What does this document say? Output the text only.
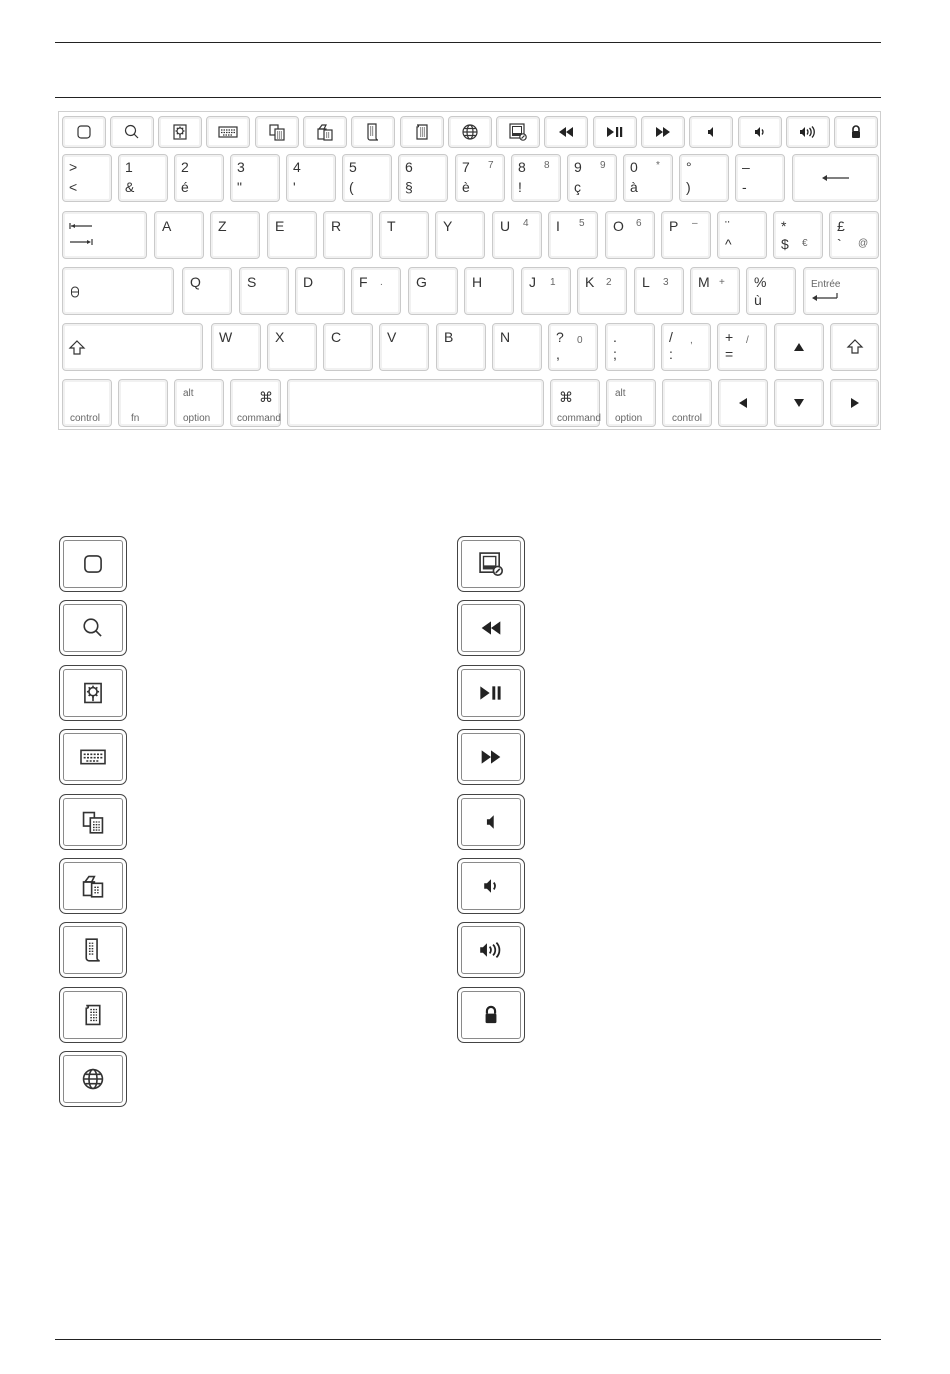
>
<
1
&
2
é
3
"
4
'
5
(
6
§
7
è
7 8
!
8 9
ç
9 0
à
* °
)
–
-
A	Z	E	R	T	Y	U 4 I 5 O 6 P – ¨
^
*
$ €
£
` @
Q	S	D	F . G	H	J 1 K 2 L 3 M + %
ù
Entrée
W	X	C	V	B	N	?
,
0 .
;
/
:
, +
=
/
control	fn
alt
option
⌘
command
⌘
command
alt
option	control
